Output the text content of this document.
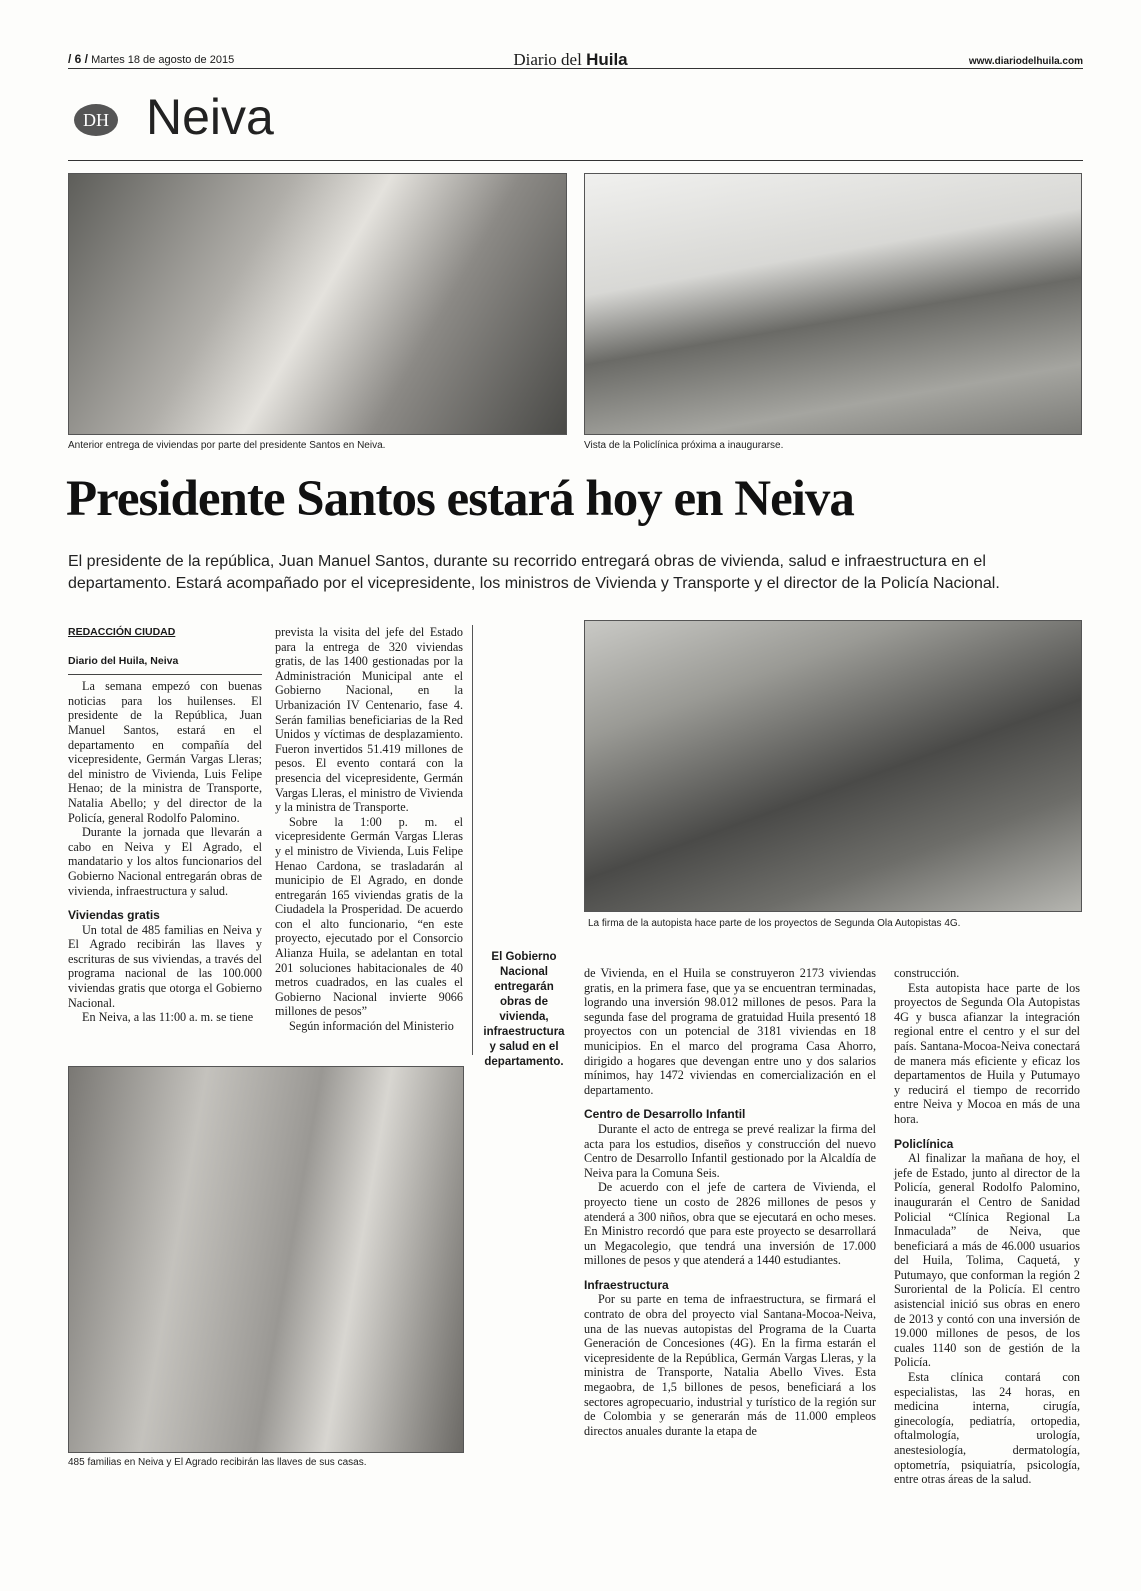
/ 6 / Martes 18 de agosto de 2015	Diario del Huila	www.diariodelhuila.com
DH Neiva
Anterior entrega de viviendas por parte del presidente Santos en Neiva.	Vista de la Policlínica próxima a inaugurarse.
Presidente Santos estará hoy en Neiva
El presidente de la república, Juan Manuel Santos, durante su recorrido entregará obras de vivienda, salud e infraestructura en el departamento. Estará acompañado por el vicepresidente, los ministros de Vivienda y Transporte y el director de la Policía Nacional.
REDACCIÓN CIUDAD
Diario del Huila, Neiva

La semana empezó con buenas noticias para los huilenses. El presidente de la República, Juan Manuel Santos, estará en el departamento en compañía del vicepresidente, Germán Vargas Lleras; del ministro de Vivienda, Luis Felipe Henao; de la ministra de Transporte, Natalia Abello; y del director de la Policía, general Rodolfo Palomino.

Durante la jornada que llevarán a cabo en Neiva y El Agrado, el mandatario y los altos funcionarios del Gobierno Nacional entregarán obras de vivienda, infraestructura y salud.

Viviendas gratis

Un total de 485 familias en Neiva y El Agrado recibirán las llaves y escrituras de sus viviendas, a través del programa nacional de las 100.000 viviendas gratis que otorga el Gobierno Nacional.

En Neiva, a las 11:00 a. m. se tiene

prevista la visita del jefe del Estado para la entrega de 320 viviendas gratis, de las 1400 gestionadas por la Administración Municipal ante el Gobierno Nacional, en la Urbanización IV Centenario, fase 4. Serán familias beneficiarias de la Red Unidos y víctimas de desplazamiento. Fueron invertidos 51.419 millones de pesos. El evento contará con la presencia del vicepresidente, Germán Vargas Lleras, el ministro de Vivienda y la ministra de Transporte.

Sobre la 1:00 p. m. el vicepresidente Germán Vargas Lleras y el ministro de Vivienda, Luis Felipe Henao Cardona, se trasladarán al municipio de El Agrado, en donde entregarán 165 viviendas gratis de la Ciudadela la Prosperidad. De acuerdo con el alto funcionario, “en este proyecto, ejecutado por el Consorcio Alianza Huila, se adelantan en total 201 soluciones habitacionales de 40 metros cuadrados, en las cuales el Gobierno Nacional invierte 9066 millones de pesos”

Según información del Ministerio

El Gobierno Nacional entregarán obras de vivienda, infraestructura y salud en el departamento.
La firma de la autopista hace parte de los proyectos de Segunda Ola Autopistas 4G.

de Vivienda, en el Huila se construyeron 2173 viviendas gratis, en la primera fase, que ya se encuentran terminadas, logrando una inversión 98.012 millones de pesos. Para la segunda fase del programa de gratuidad Huila presentó 18 proyectos con un potencial de 3181 viviendas en 18 municipios. En el marco del programa Casa Ahorro, dirigido a hogares que devengan entre uno y dos salarios mínimos, hay 1472 viviendas en comercialización en el departamento.

Centro de Desarrollo Infantil

Durante el acto de entrega se prevé realizar la firma del acta para los estudios, diseños y construcción del nuevo Centro de Desarrollo Infantil gestionado por la Alcaldía de Neiva para la Comuna Seis.

De acuerdo con el jefe de cartera de Vivienda, el proyecto tiene un costo de 2826 millones de pesos y atenderá a 300 niños, obra que se ejecutará en ocho meses. En Ministro recordó que para este proyecto se desarrollará un Megacolegio, que tendrá una inversión de 17.000 millones de pesos y que atenderá a 1440 estudiantes.

Infraestructura

Por su parte en tema de infraestructura, se firmará el contrato de obra del proyecto vial Santana-Mocoa-Neiva, una de las nuevas autopistas del Programa de la Cuarta Generación de Concesiones (4G). En la firma estarán el vicepresidente de la República, Germán Vargas Lleras, y la ministra de Transporte, Natalia Abello Vives. Esta megaobra, de 1,5 billones de pesos, beneficiará a los sectores agropecuario, industrial y turístico de la región sur de Colombia y se generarán más de 11.000 empleos directos anuales durante la etapa de

construcción.

Esta autopista hace parte de los proyectos de Segunda Ola Autopistas 4G y busca afianzar la integración regional entre el centro y el sur del país. Santana-Mocoa-Neiva conectará de manera más eficiente y eficaz los departamentos de Huila y Putumayo y reducirá el tiempo de recorrido entre Neiva y Mocoa en más de una hora.

Policlínica

Al finalizar la mañana de hoy, el jefe de Estado, junto al director de la Policía, general Rodolfo Palomino, inaugurarán el Centro de Sanidad Policial “Clínica Regional La Inmaculada” de Neiva, que beneficiará a más de 46.000 usuarios del Huila, Tolima, Caquetá, y Putumayo, que conforman la región 2 Suroriental de la Policía. El centro asistencial inició sus obras en enero de 2013 y contó con una inversión de 19.000 millones de pesos, de los cuales 1140 son de gestión de la Policía.

Esta clínica contará con especialistas, las 24 horas, en medicina interna, cirugía, ginecología, pediatría, ortopedia, oftalmología, urología, anestesiología, dermatología, optometría, psiquiatría, psicología, entre otras áreas de la salud.

485 familias en Neiva y El Agrado recibirán las llaves de sus casas.
